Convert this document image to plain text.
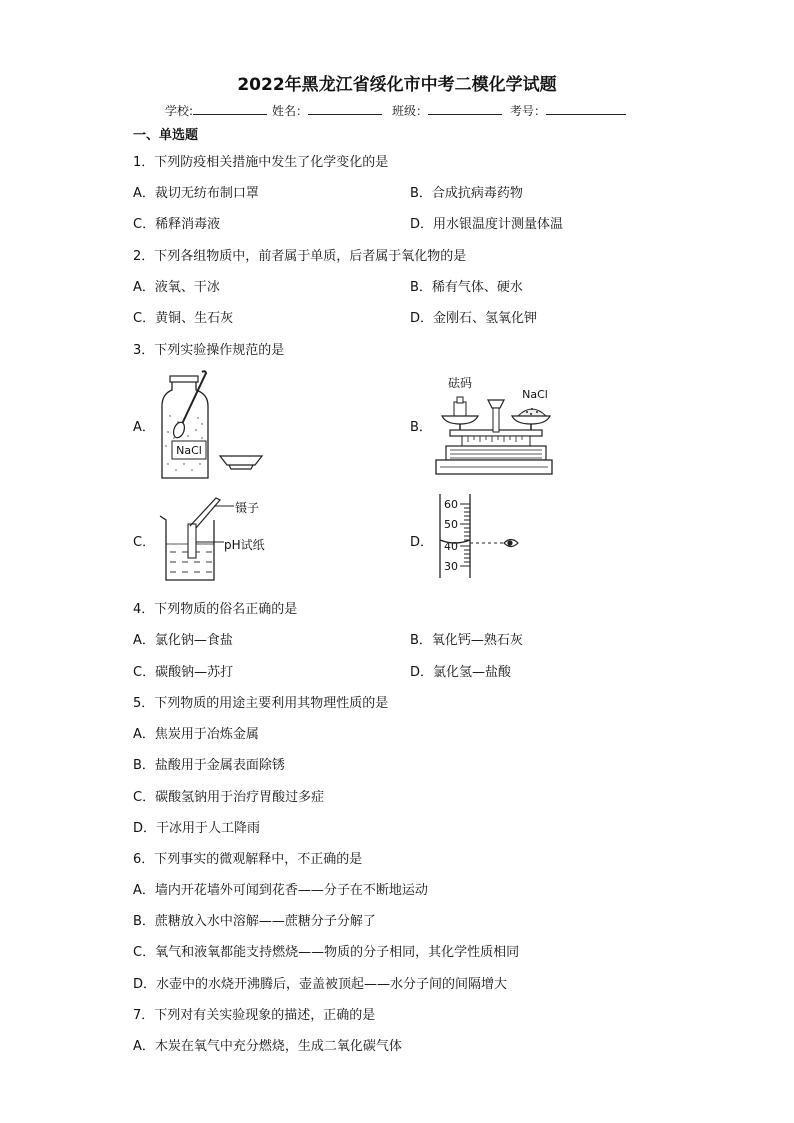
2022年黑龙江省绥化市中考二模化学试题
学校:	姓名：	班级：	考号：
一、单选题
1．下列防疫相关措施中发生了化学变化的是
A．裁切无纺布制口罩	B．合成抗病毒药物
C．稀释消毒液	D．用水银温度计测量体温
2．下列各组物质中，前者属于单质，后者属于氧化物的是
A．液氧、干冰	B．稀有气体、硬水
C．黄铜、生石灰	D．金刚石、氢氧化钾
3．下列实验操作规范的是
A．
NaCl
B．
砝码
NaCl
C．
镊子
pH试纸	D．
60
50
40
30
4．下列物质的俗名正确的是
A．氯化钠—食盐	B．氧化钙—熟石灰
C．碳酸钠—苏打	D．氯化氢—盐酸
5．下列物质的用途主要利用其物理性质的是
A．焦炭用于冶炼金属
B．盐酸用于金属表面除锈
C．碳酸氢钠用于治疗胃酸过多症
D．干冰用于人工降雨
6．下列事实的微观解释中，不正确的是
A．墙内开花墙外可闻到花香——分子在不断地运动
B．蔗糖放入水中溶解——蔗糖分子分解了
C．氧气和液氧都能支持燃烧——物质的分子相同，其化学性质相同
D．水壶中的水烧开沸腾后，壶盖被顶起——水分子间的间隔增大
7．下列对有关实验现象的描述，正确的是
A．木炭在氧气中充分燃烧，生成二氧化碳气体
